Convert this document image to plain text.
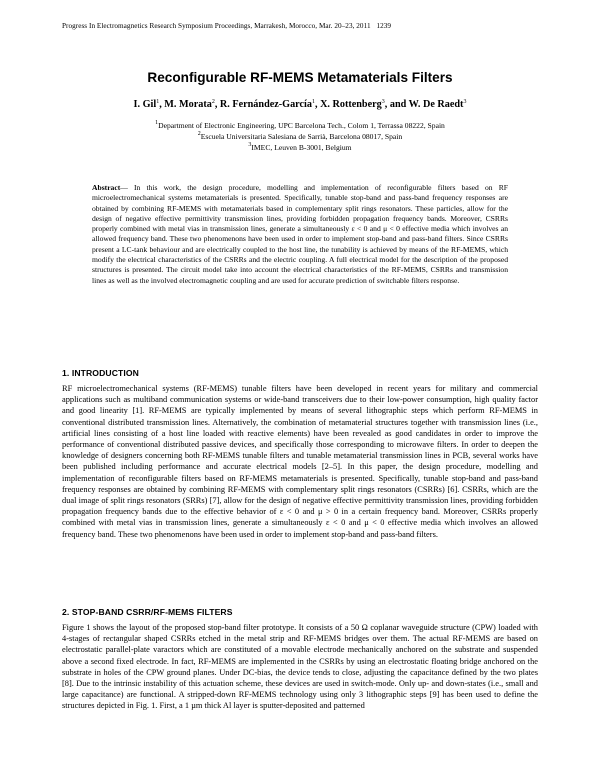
Progress In Electromagnetics Research Symposium Proceedings, Marrakesh, Morocco, Mar. 20–23, 2011 1239
Reconfigurable RF-MEMS Metamaterials Filters
I. Gil$^1$, M. Morata$^2$, R. Fernández-García$^1$, X. Rottenberg$^3$, and W. De Raedt$^3$
$^1$Department of Electronic Engineering, UPC Barcelona Tech., Colom 1, Terrassa 08222, Spain
$^2$Escuela Universitaria Salesiana de Sarrià, Barcelona 08017, Spain
$^3$IMEC, Leuven B-3001, Belgium
Abstract— In this work, the design procedure, modelling and implementation of reconfigurable filters based on RF microelectromechanical systems metamaterials is presented. Specifically, tunable stop-band and pass-band frequency responses are obtained by combining RF-MEMS with metamaterials based in complementary split rings resonators. These particles, allow for the design of negative effective permittivity transmission lines, providing forbidden propagation frequency bands. Moreover, CSRRs properly combined with metal vias in transmission lines, generate a simultaneously ε < 0 and μ < 0 effective media which involves an allowed frequency band. These two phenomenons have been used in order to implement stop-band and pass-band filters. Since CSRRs present a LC-tank behaviour and are electrically coupled to the host line, the tunability is achieved by means of the RF-MEMS, which modify the electrical characteristics of the CSRRs and the electric coupling. A full electrical model for the description of the proposed structures is presented. The circuit model take into account the electrical characteristics of the RF-MEMS, CSRRs and transmission lines as well as the involved electromagnetic coupling and are used for accurate prediction of switchable filters response.
1. INTRODUCTION

RF microelectromechanical systems (RF-MEMS) tunable filters have been developed in recent years for military and commercial applications such as multiband communication systems or wide-band transceivers due to their low-power consumption, high quality factor and good linearity [1]. RF-MEMS are typically implemented by means of several lithographic steps which perform RF-MEMS in conventional distributed transmission lines. Alternatively, the combination of metamaterial structures together with transmission lines (i.e., artificial lines consisting of a host line loaded with reactive elements) have been revealed as good candidates in order to improve the performance of conventional distributed passive devices, and specifically those corresponding to microwave filters. In order to deepen the knowledge of designers concerning both RF-MEMS tunable filters and tunable metamaterial transmission lines in PCB, several works have been published including performance and accurate electrical models [2–5]. In this paper, the design procedure, modelling and implementation of reconfigurable filters based on RF-MEMS metamaterials is presented. Specifically, tunable stop-band and pass-band frequency responses are obtained by combining RF-MEMS with complementary split rings resonators (CSRRs) [6]. CSRRs, which are the dual image of split rings resonators (SRRs) [7], allow for the design of negative effective permittivity transmission lines, providing forbidden propagation frequency bands due to the effective behavior of ε < 0 and μ > 0 in a certain frequency band. Moreover, CSRRs properly combined with metal vias in transmission lines, generate a simultaneously ε < 0 and μ < 0 effective media which involves an allowed frequency band. These two phenomenons have been used in order to implement stop-band and pass-band filters.

2. STOP-BAND CSRR/RF-MEMS FILTERS

Figure 1 shows the layout of the proposed stop-band filter prototype. It consists of a 50 Ω coplanar waveguide structure (CPW) loaded with 4-stages of rectangular shaped CSRRs etched in the metal strip and RF-MEMS bridges over them. The actual RF-MEMS are based on electrostatic parallel-plate varactors which are constituted of a movable electrode mechanically anchored on the substrate and suspended above a second fixed electrode. In fact, RF-MEMS are implemented in the CSRRs by using an electrostatic floating bridge anchored on the substrate in holes of the CPW ground planes. Under DC-bias, the device tends to close, adjusting the capacitance defined by the two plates [8]. Due to the intrinsic instability of this actuation scheme, these devices are used in switch-mode. Only up- and down-states (i.e., small and large capacitance) are functional. A stripped-down RF-MEMS technology using only 3 lithographic steps [9] has been used to define the structures depicted in Fig. 1. First, a 1 µm thick Al layer is sputter-deposited and patterned
